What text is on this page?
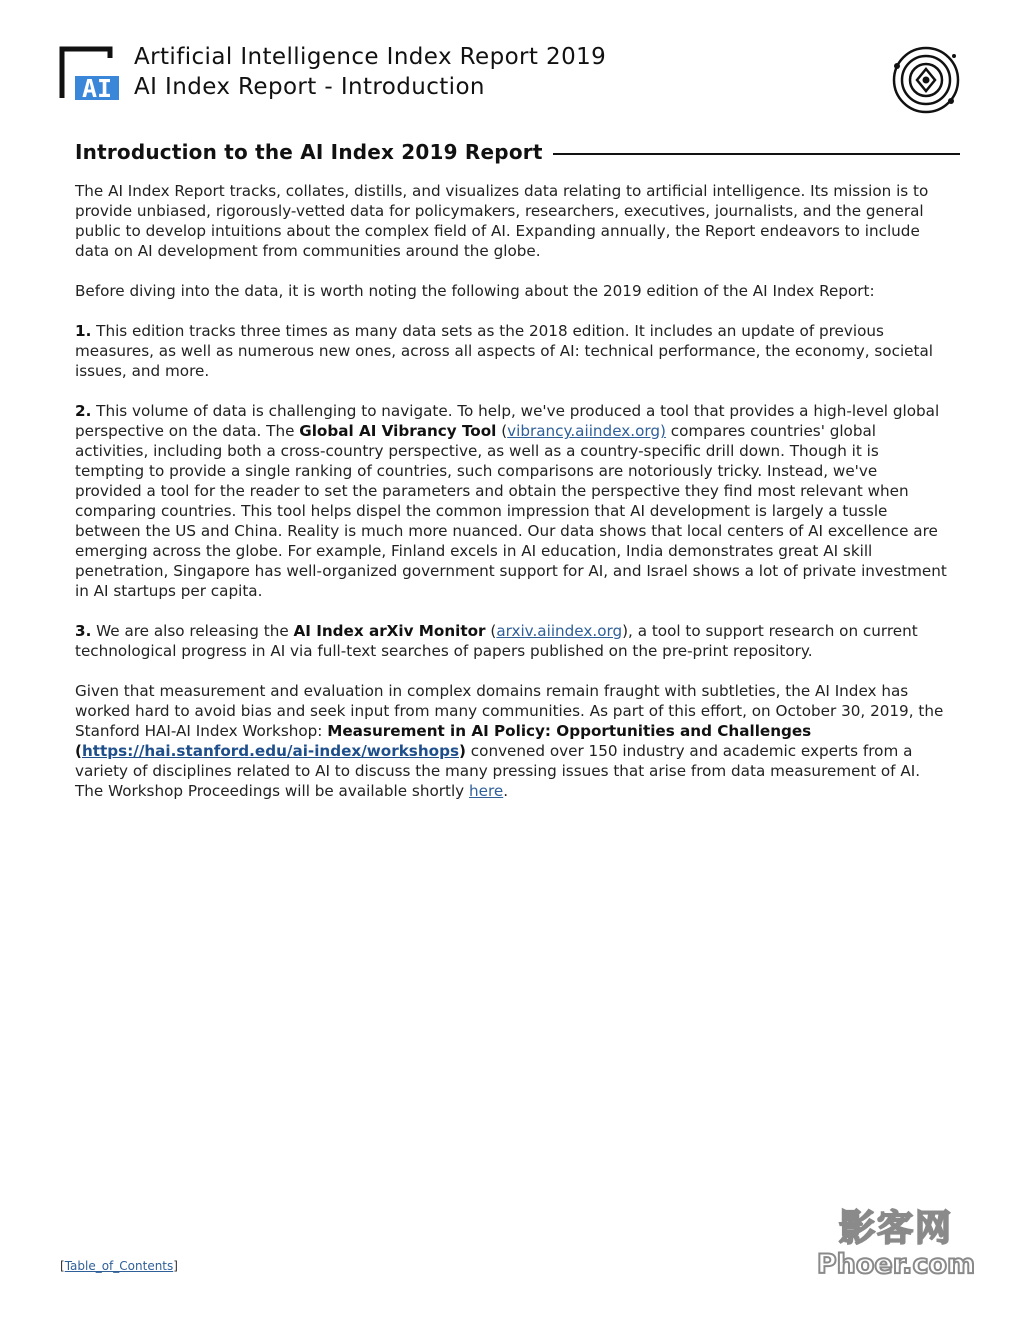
AI
Artificial Intelligence Index Report 2019
AI Index Report - Introduction
Introduction to the AI Index 2019 Report

The AI Index Report tracks, collates, distills, and visualizes data relating to artificial intelligence. Its mission is to provide unbiased, rigorously-vetted data for policymakers, researchers, executives, journalists, and the general public to develop intuitions about the complex field of AI. Expanding annually, the Report endeavors to include data on AI development from communities around the globe.

Before diving into the data, it is worth noting the following about the 2019 edition of the AI Index Report:

1. This edition tracks three times as many data sets as the 2018 edition. It includes an update of previous measures, as well as numerous new ones, across all aspects of AI: technical performance, the economy, societal issues, and more.

2. This volume of data is challenging to navigate. To help, we've produced a tool that provides a high-level global perspective on the data. The Global AI Vibrancy Tool (vibrancy.aiindex.org) compares countries' global activities, including both a cross-country perspective, as well as a country-specific drill down. Though it is tempting to provide a single ranking of countries, such comparisons are notoriously tricky. Instead, we've provided a tool for the reader to set the parameters and obtain the perspective they find most relevant when comparing countries. This tool helps dispel the common impression that AI development is largely a tussle between the US and China. Reality is much more nuanced. Our data shows that local centers of AI excellence are emerging across the globe. For example, Finland excels in AI education, India demonstrates great AI skill penetration, Singapore has well-organized government support for AI, and Israel shows a lot of private investment in AI startups per capita.

3. We are also releasing the AI Index arXiv Monitor (arxiv.aiindex.org), a tool to support research on current technological progress in AI via full-text searches of papers published on the pre-print repository.

Given that measurement and evaluation in complex domains remain fraught with subtleties, the AI Index has worked hard to avoid bias and seek input from many communities. As part of this effort, on October 30, 2019, the Stanford HAI-AI Index Workshop: Measurement in AI Policy: Opportunities and Challenges (https://hai.stanford.edu/ai-index/workshops) convened over 150 industry and academic experts from a variety of disciplines related to AI to discuss the many pressing issues that arise from data measurement of AI. The Workshop Proceedings will be available shortly here.

[Table_of_Contents]
影客网
Phoer.com
